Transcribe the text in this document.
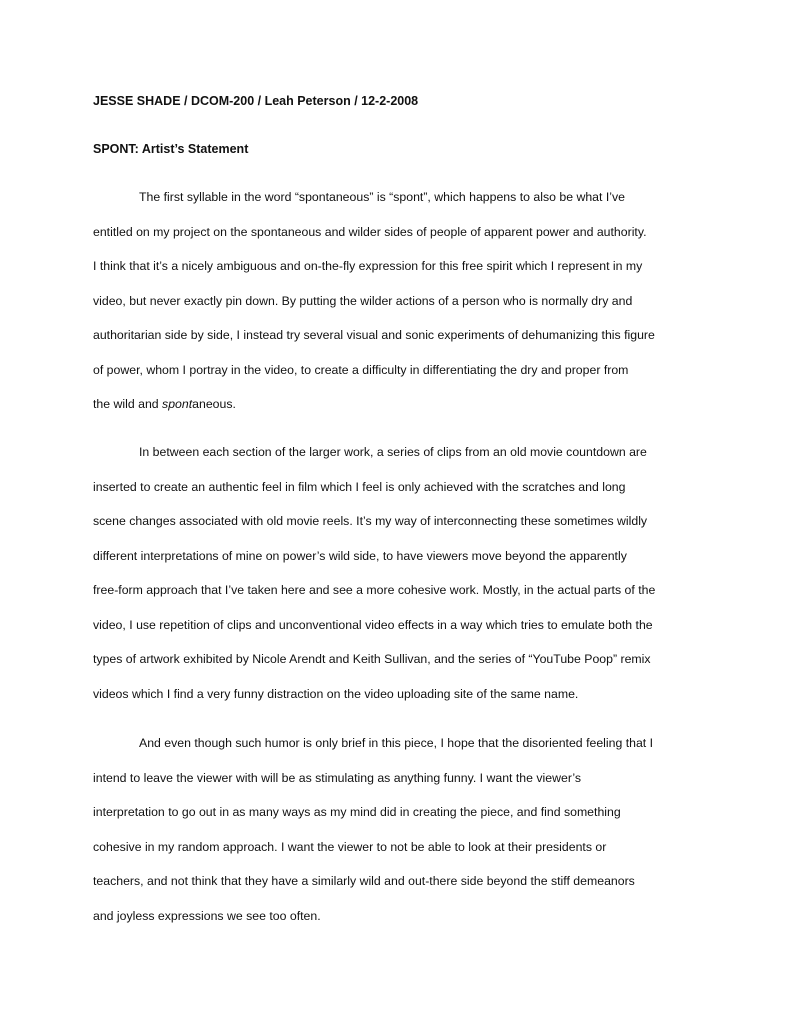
JESSE SHADE / DCOM-200 / Leah Peterson / 12-2-2008
SPONT: Artist’s Statement
The first syllable in the word “spontaneous” is “spont”, which happens to also be what I’ve
entitled on my project on the spontaneous and wilder sides of people of apparent power and authority.
I think that it’s a nicely ambiguous and on-the-fly expression for this free spirit which I represent in my
video, but never exactly pin down. By putting the wilder actions of a person who is normally dry and
authoritarian side by side, I instead try several visual and sonic experiments of dehumanizing this figure
of power, whom I portray in the video, to create a difficulty in differentiating the dry and proper from
the wild and spontaneous.
In between each section of the larger work, a series of clips from an old movie countdown are
inserted to create an authentic feel in film which I feel is only achieved with the scratches and long
scene changes associated with old movie reels. It’s my way of interconnecting these sometimes wildly
different interpretations of mine on power’s wild side, to have viewers move beyond the apparently
free-form approach that I’ve taken here and see a more cohesive work. Mostly, in the actual parts of the
video, I use repetition of clips and unconventional video effects in a way which tries to emulate both the
types of artwork exhibited by Nicole Arendt and Keith Sullivan, and the series of “YouTube Poop” remix
videos which I find a very funny distraction on the video uploading site of the same name.
And even though such humor is only brief in this piece, I hope that the disoriented feeling that I
intend to leave the viewer with will be as stimulating as anything funny. I want the viewer’s
interpretation to go out in as many ways as my mind did in creating the piece, and find something
cohesive in my random approach. I want the viewer to not be able to look at their presidents or
teachers, and not think that they have a similarly wild and out-there side beyond the stiff demeanors
and joyless expressions we see too often.
